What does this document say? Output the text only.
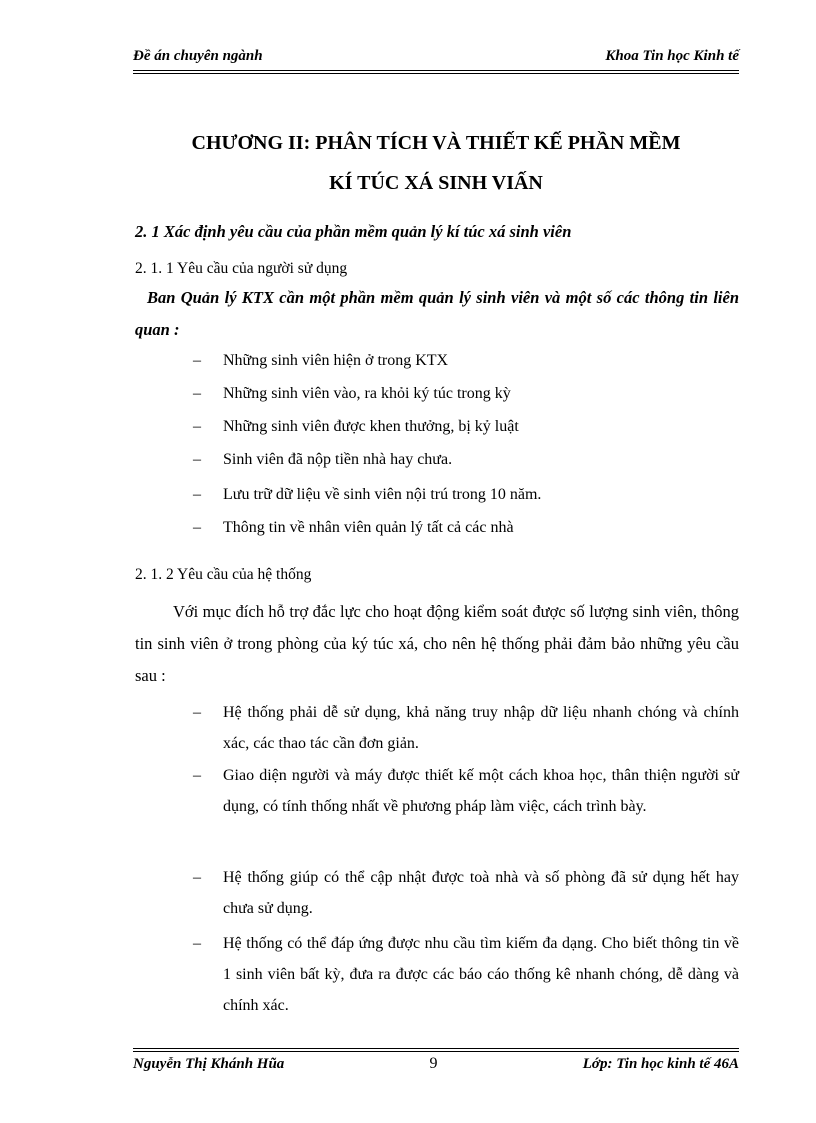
Đề án chuyên ngành	Khoa Tin học Kinh tế
CHƯƠNG II: PHÂN TÍCH VÀ THIẾT KẾ PHẦN MỀM
KÍ TÚC XÁ SINH VIẤN
2. 1 Xác định yêu cầu của phần mềm quản lý kí túc xá sinh viên
2. 1. 1 Yêu cầu của người sử dụng

Ban Quản lý KTX cần một phần mềm quản lý sinh viên và một số các thông tin liên quan :

–	Những sinh viên hiện ở trong KTX
–	Những sinh viên vào, ra khỏi ký túc trong kỳ
–	Những sinh viên được khen thưởng, bị kỷ luật
–	Sinh viên đã nộp tiền nhà hay chưa.
–	Lưu trữ dữ liệu về sinh viên nội trú trong 10 năm.
–	Thông tin về nhân viên quản lý tất cả các nhà
2. 1. 2 Yêu cầu của hệ thống

Với mục đích hỗ trợ đắc lực cho hoạt động kiểm soát được số lượng sinh viên, thông tin sinh viên ở trong phòng của ký túc xá, cho nên hệ thống phải đảm bảo những yêu cầu sau :

–	Hệ thống phải dễ sử dụng, khả năng truy nhập dữ liệu nhanh chóng và chính xác, các thao tác cần đơn giản.
–	Giao diện người và máy được thiết kế một cách khoa học, thân thiện người sử dụng, có tính thống nhất về phương pháp làm việc, cách trình bày.
–	Hệ thống giúp có thể cập nhật được toà nhà và số phòng đã sử dụng hết hay chưa sử dụng.
–	Hệ thống có thể đáp ứng được nhu cầu tìm kiếm đa dạng. Cho biết thông tin về 1 sinh viên bất kỳ, đưa ra được các báo cáo thống kê nhanh chóng, dễ dàng và chính xác.
Nguyễn Thị Khánh Hũa	9	Lớp: Tin học kinh tế 46A
